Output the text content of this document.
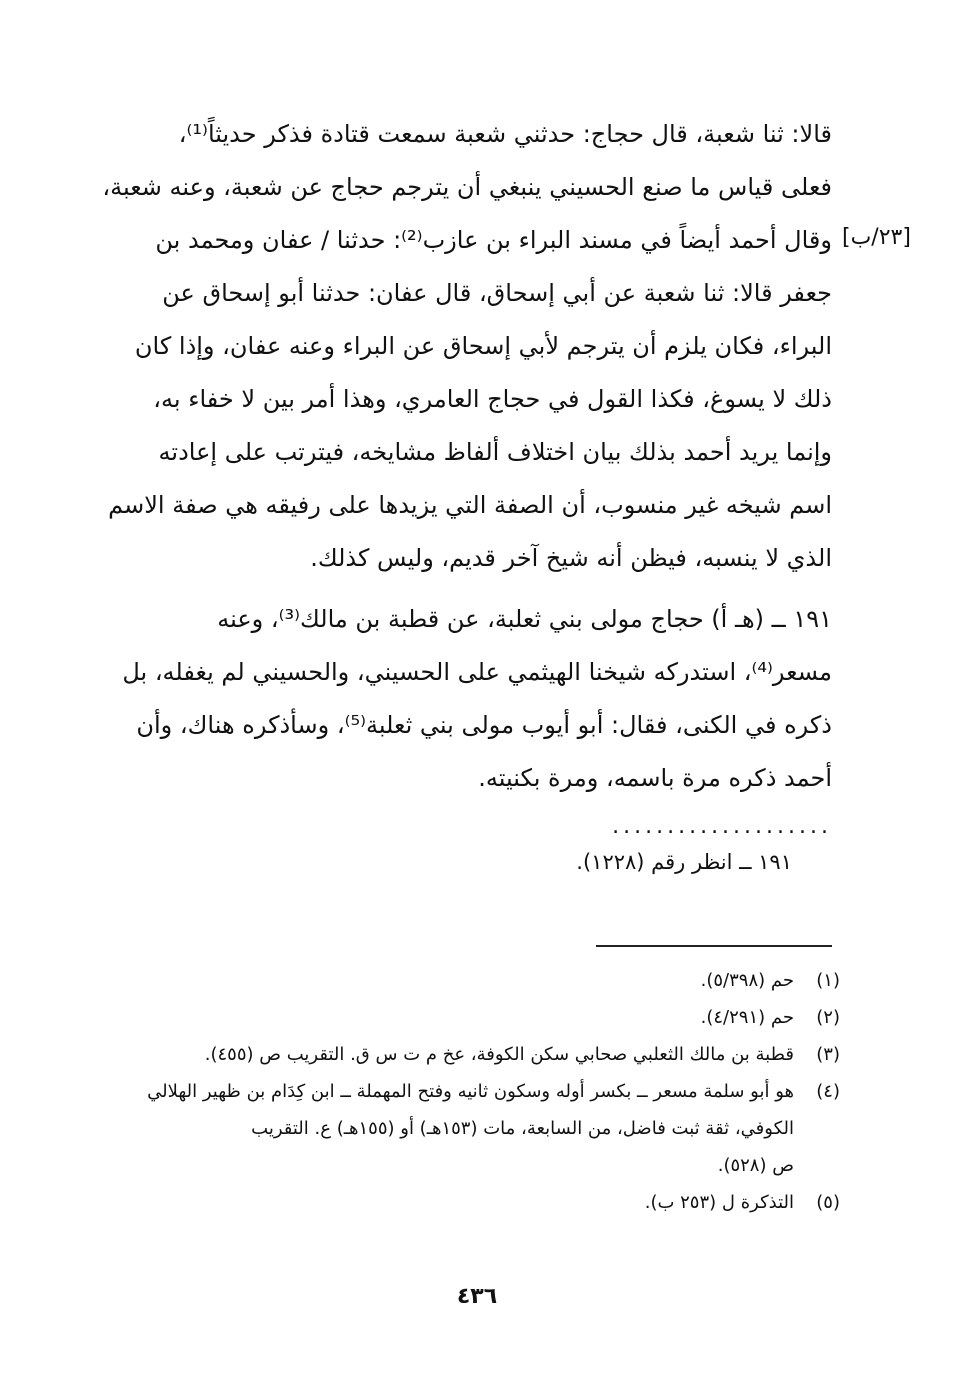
قالا: ثنا شعبة، قال حجاج: حدثني شعبة سمعت قتادة فذكر حديثاً⁽¹⁾،
فعلى قياس ما صنع الحسيني ينبغي أن يترجم حجاج عن شعبة، وعنه شعبة،
وقال أحمد أيضاً في مسند البراء بن عازب⁽²⁾: حدثنا / عفان ومحمد بن
جعفر قالا: ثنا شعبة عن أبي إسحاق، قال عفان: حدثنا أبو إسحاق عن
البراء، فكان يلزم أن يترجم لأبي إسحاق عن البراء وعنه عفان، وإذا كان
ذلك لا يسوغ، فكذا القول في حجاج العامري، وهذا أمر بين لا خفاء به،
وإنما يريد أحمد بذلك بيان اختلاف ألفاظ مشايخه، فيترتب على إعادته
اسم شيخه غير منسوب، أن الصفة التي يزيدها على رفيقه هي صفة الاسم
الذي لا ينسبه، فيظن أنه شيخ آخر قديم، وليس كذلك.

١٩١ ــ (هـ أ) حجاج مولى بني ثعلبة، عن قطبة بن مالك⁽³⁾، وعنه
مسعر⁽⁴⁾، استدركه شيخنا الهيثمي على الحسيني، والحسيني لم يغفله، بل
ذكره في الكنى، فقال: أبو أيوب مولى بني ثعلبة⁽⁵⁾، وسأذكره هناك، وأن
أحمد ذكره مرة باسمه، ومرة بكنيته.

[٢٣/ب]
....................
١٩١ ــ انظر رقم (١٢٢٨).
(١)
حم (٥/٣٩٨).
(٢)
حم (٤/٢٩١).
(٣)
قطبة بن مالك الثعلبي صحابي سكن الكوفة، عخ م ت س ق. التقريب ص (٤٥٥).
(٤)
هو أبو سلمة مسعر ــ بكسر أوله وسكون ثانيه وفتح المهملة ــ ابن كِدَام بن ظهير الهلالي
الكوفي، ثقة ثبت فاضل، من السابعة، مات (١٥٣هـ) أو (١٥٥هـ) ع. التقريب
ص (٥٢٨).
(٥)
التذكرة ل (٢٥٣ ب).
٤٣٦
